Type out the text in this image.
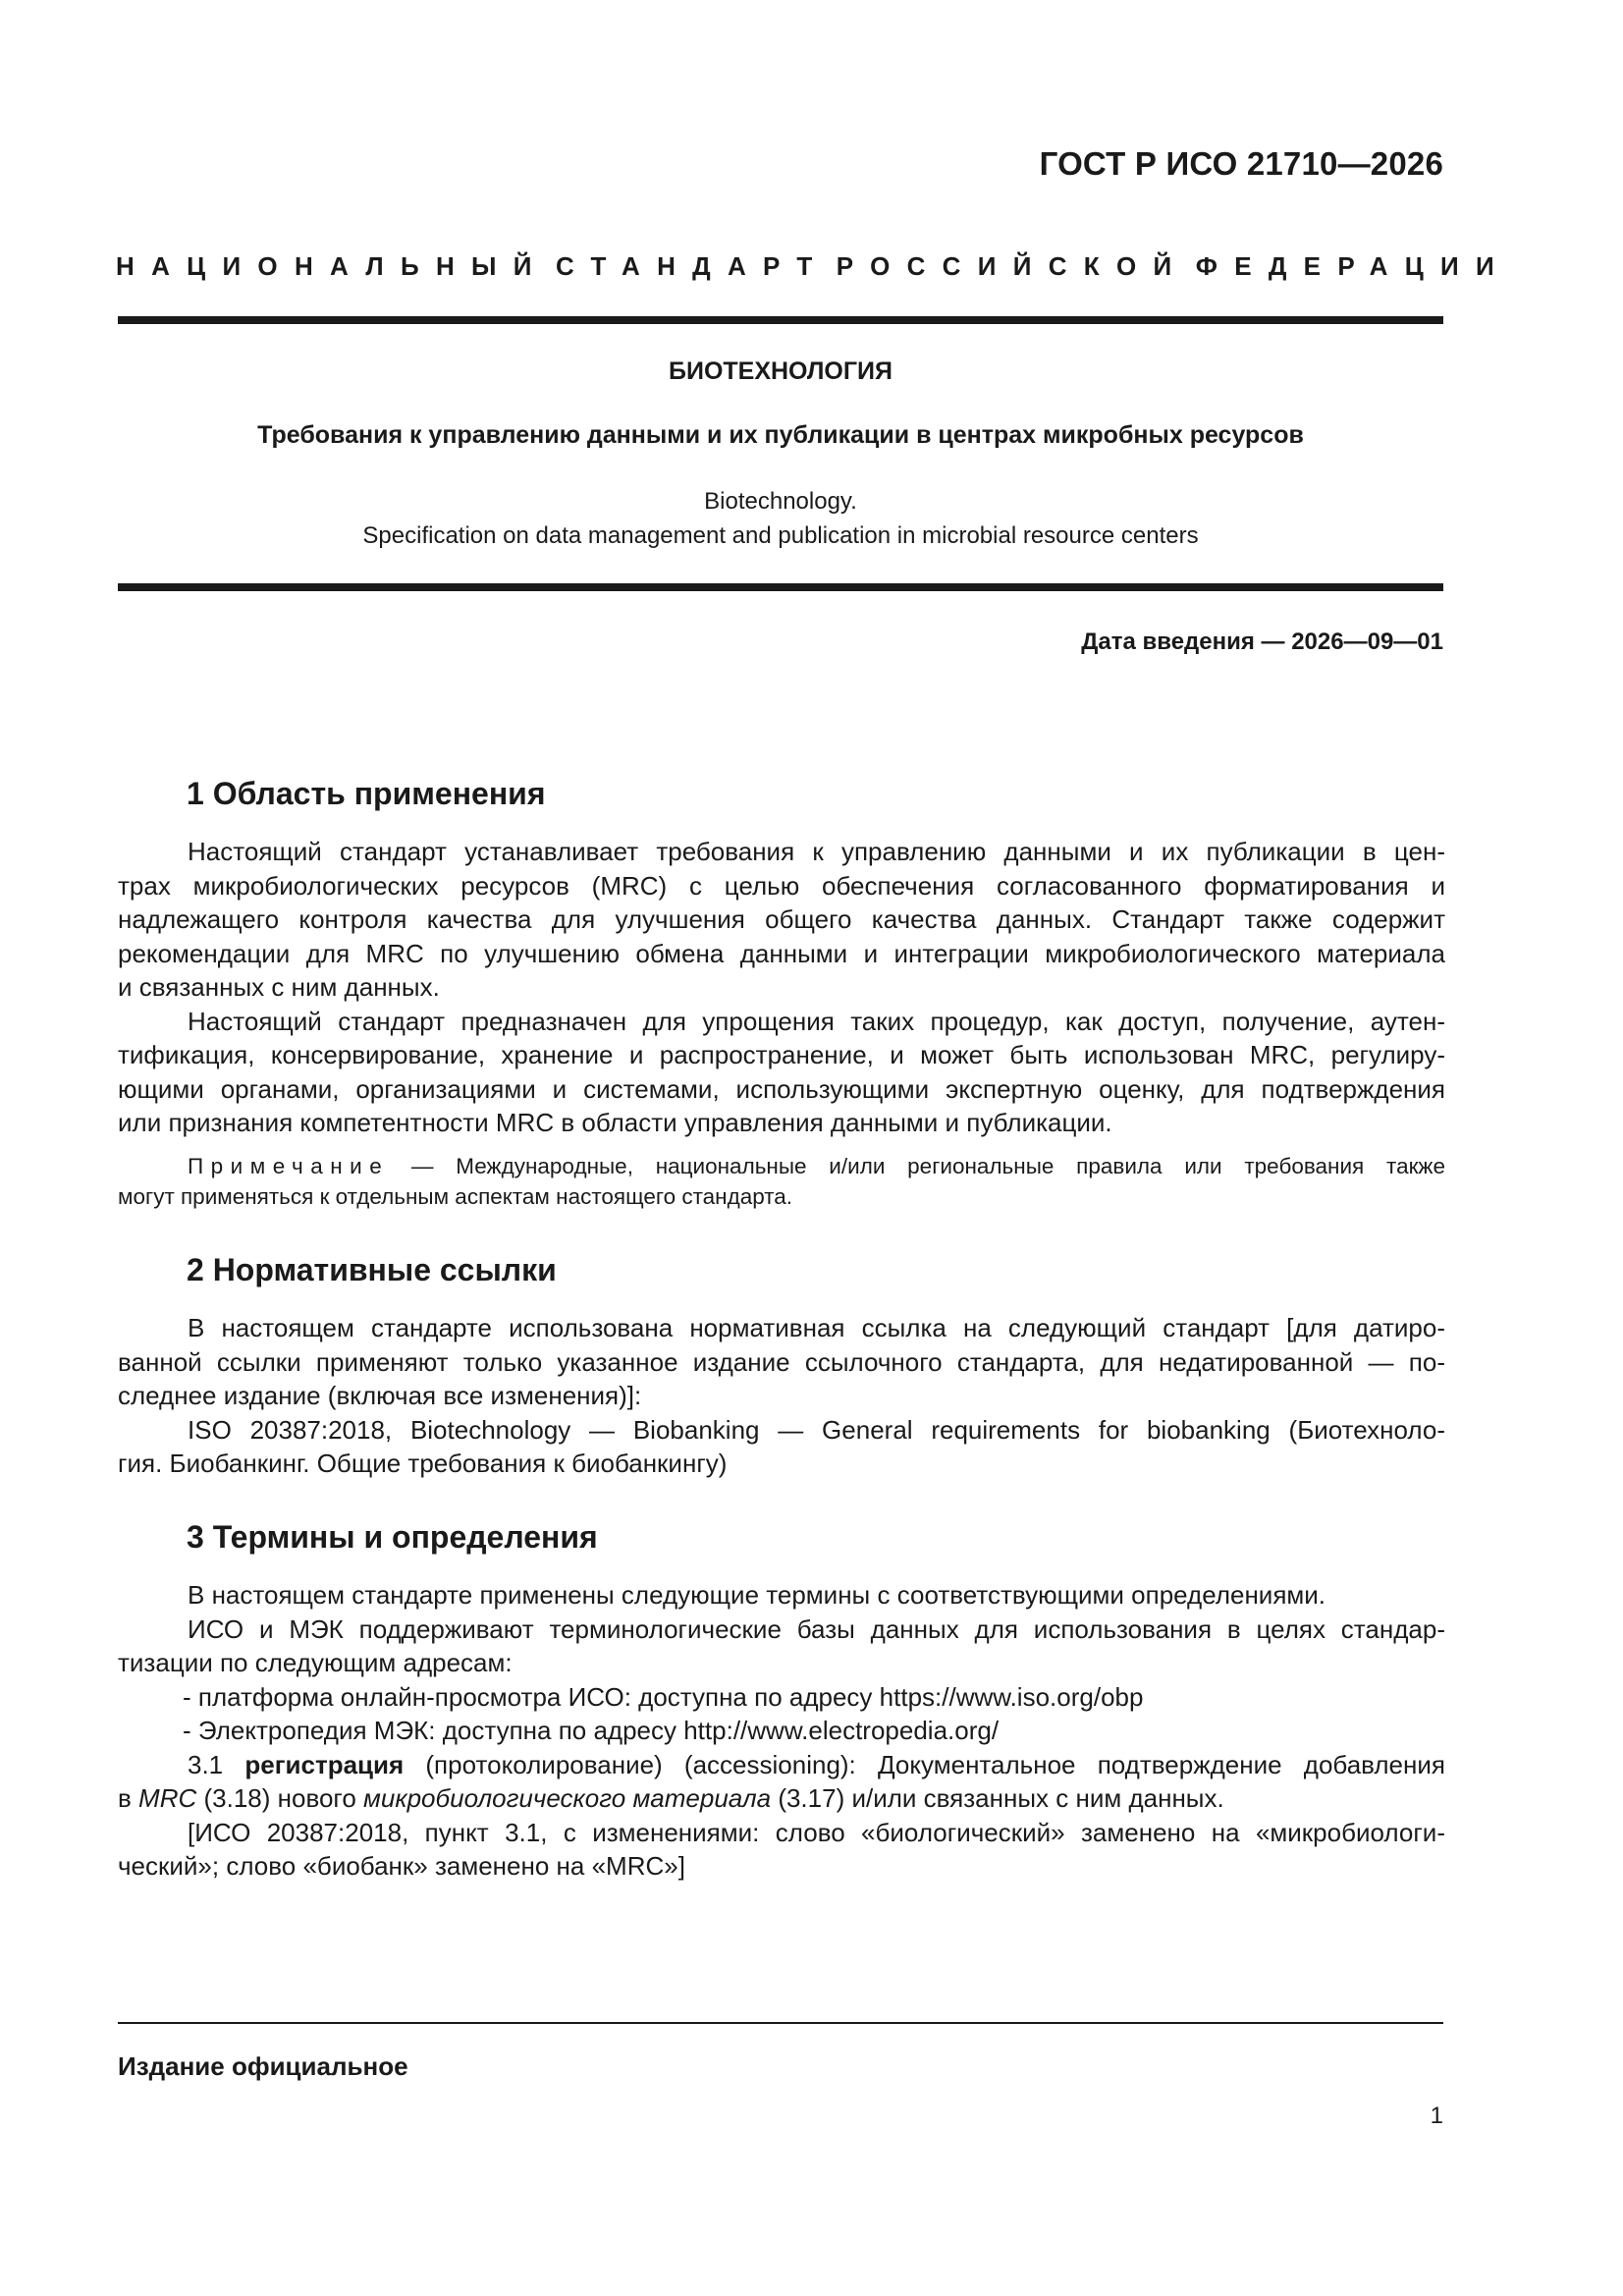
ГОСТ Р ИСО 21710—2026
НАЦИОНАЛЬНЫЙ СТАНДАРТ РОССИЙСКОЙ ФЕДЕРАЦИИ
БИОТЕХНОЛОГИЯ
Требования к управлению данными и их публикации в центрах микробных ресурсов
Biotechnology.
Specification on data management and publication in microbial resource centers
Дата введения — 2026—09—01
1 Область применения
Настоящий стандарт устанавливает требования к управлению данными и их публикации в цен-
трах микробиологических ресурсов (MRC) с целью обеспечения согласованного форматирования и
надлежащего контроля качества для улучшения общего качества данных. Стандарт также содержит
рекомендации для MRC по улучшению обмена данными и интеграции микробиологического материала
и связанных с ним данных.
Настоящий стандарт предназначен для упрощения таких процедур, как доступ, получение, аутен-
тификация, консервирование, хранение и распространение, и может быть использован MRC, регулиру-
ющими органами, организациями и системами, использующими экспертную оценку, для подтверждения
или признания компетентности MRC в области управления данными и публикации.
Примечание — Международные, национальные и/или региональные правила или требования также
могут применяться к отдельным аспектам настоящего стандарта.
2 Нормативные ссылки
В настоящем стандарте использована нормативная ссылка на следующий стандарт [для датиро-
ванной ссылки применяют только указанное издание ссылочного стандарта, для недатированной — по-
следнее издание (включая все изменения)]:
ISO 20387:2018, Biotechnology — Biobanking — General requirements for biobanking (Биотехноло-
гия. Биобанкинг. Общие требования к биобанкингу)
3 Термины и определения
В настоящем стандарте применены следующие термины с соответствующими определениями.
ИСО и МЭК поддерживают терминологические базы данных для использования в целях стандар-
тизации по следующим адресам:
- платформа онлайн-просмотра ИСО: доступна по адресу https://www.iso.org/obp
- Электропедия МЭК: доступна по адресу http://www.electropedia.org/
3.1 регистрация (протоколирование) (accessioning): Документальное подтверждение добавления
в MRC (3.18) нового микробиологического материала (3.17) и/или связанных с ним данных.
[ИСО 20387:2018, пункт 3.1, с изменениями: слово «биологический» заменено на «микробиологи-
ческий»; слово «биобанк» заменено на «MRC»]
Издание официальное
1
